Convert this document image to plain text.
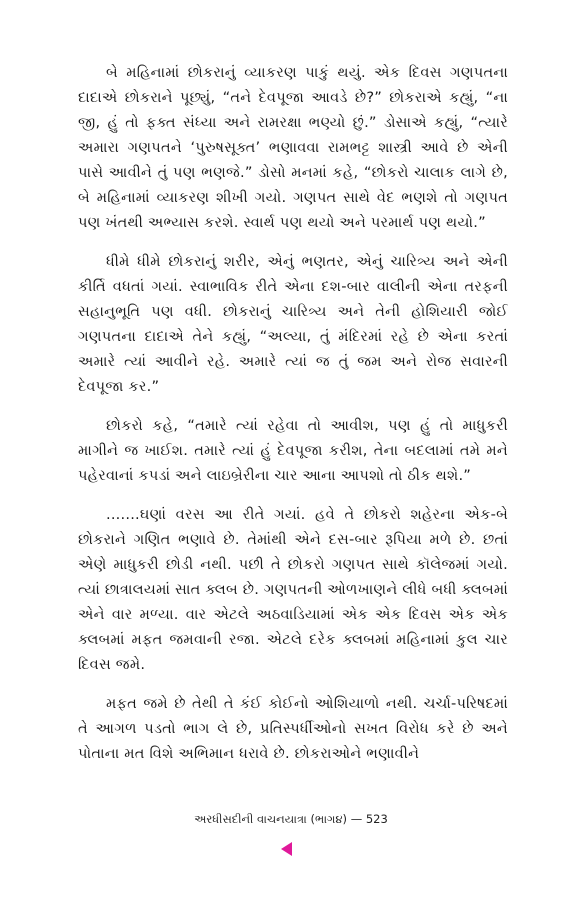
બે મહિનામાં છોકરાનું વ્યાકરણ પાકું થયું. એક દિવસ ગણપતના દાદાએ છોકરાને પૂછ્યું, “તને દેવપૂજા આવડે છે?” છોકરાએ કહ્યું, “ના જી, હું તો ફક્ત સંધ્યા અને રામરક્ષા ભણ્યો છું.” ડોસાએ કહ્યું, “ત્યારે અમારા ગણપતને ‘પુરુષસૂક્ત’ ભણાવવા રામભટ્ટ શાસ્ત્રી આવે છે એની પાસે આવીને તું પણ ભણજે.” ડોસો મનમાં કહે, “છોકરો ચાલાક લાગે છે, બે મહિનામાં વ્યાકરણ શીખી ગયો. ગણપત સાથે વેદ ભણશે તો ગણપત પણ ખંતથી અભ્યાસ કરશે. સ્વાર્થ પણ થયો અને પરમાર્થ પણ થયો.”

ધીમે ધીમે છોકરાનું શરીર, એનું ભણતર, એનું ચારિત્ર્ય અને એની કીર્તિ વધતાં ગયાં. સ્વાભાવિક રીતે એના દશ-બાર વાલીની એના તરફની સહાનુભૂતિ પણ વધી. છોકરાનું ચારિત્ર્ય અને તેની હોશિયારી જોઈ ગણપતના દાદાએ તેને કહ્યું, “અલ્યા, તું મંદિરમાં રહે છે એના કરતાં અમારે ત્યાં આવીને રહે. અમારે ત્યાં જ તું જમ અને રોજ સવારની દેવપૂજા કર.”

છોકરો કહે, “તમારે ત્યાં રહેવા તો આવીશ, પણ હું તો માધુકરી માગીને જ ખાઈશ. તમારે ત્યાં હું દેવપૂજા કરીશ, તેના બદલામાં તમે મને પહેરવાનાં કપડાં અને લાઇબ્રેરીના ચાર આના આપશો તો ઠીક થશે.”

.......ઘણાં વરસ આ રીતે ગયાં. હવે તે છોકરો શહેરના એક-બે છોકરાને ગણિત ભણાવે છે. તેમાંથી એને દસ-બાર રૂપિયા મળે છે. છતાં એણે માધુકરી છોડી નથી. પછી તે છોકરો ગણપત સાથે કૉલેજમાં ગયો. ત્યાં છાત્રાલયમાં સાત ક્લબ છે. ગણપતની ઓળખાણને લીધે બધી ક્લબમાં એને વાર મળ્યા. વાર એટલે અઠવાડિયામાં એક એક દિવસ એક એક ક્લબમાં મફત જમવાની રજા. એટલે દરેક ક્લબમાં મહિનામાં કુલ ચાર દિવસ જમે.

મફત જમે છે તેથી તે કંઈ કોઈનો ઓશિયાળો નથી. ચર્ચા-પરિષદમાં તે આગળ પડતો ભાગ લે છે, પ્રતિસ્પર્ધીઓનો સખત વિરોધ કરે છે અને પોતાના મત વિશે અભિમાન ધરાવે છે. છોકરાઓને ભણાવીને

અરધીસદીની વાચનયાત્રા (ભાગ૪) — 523
